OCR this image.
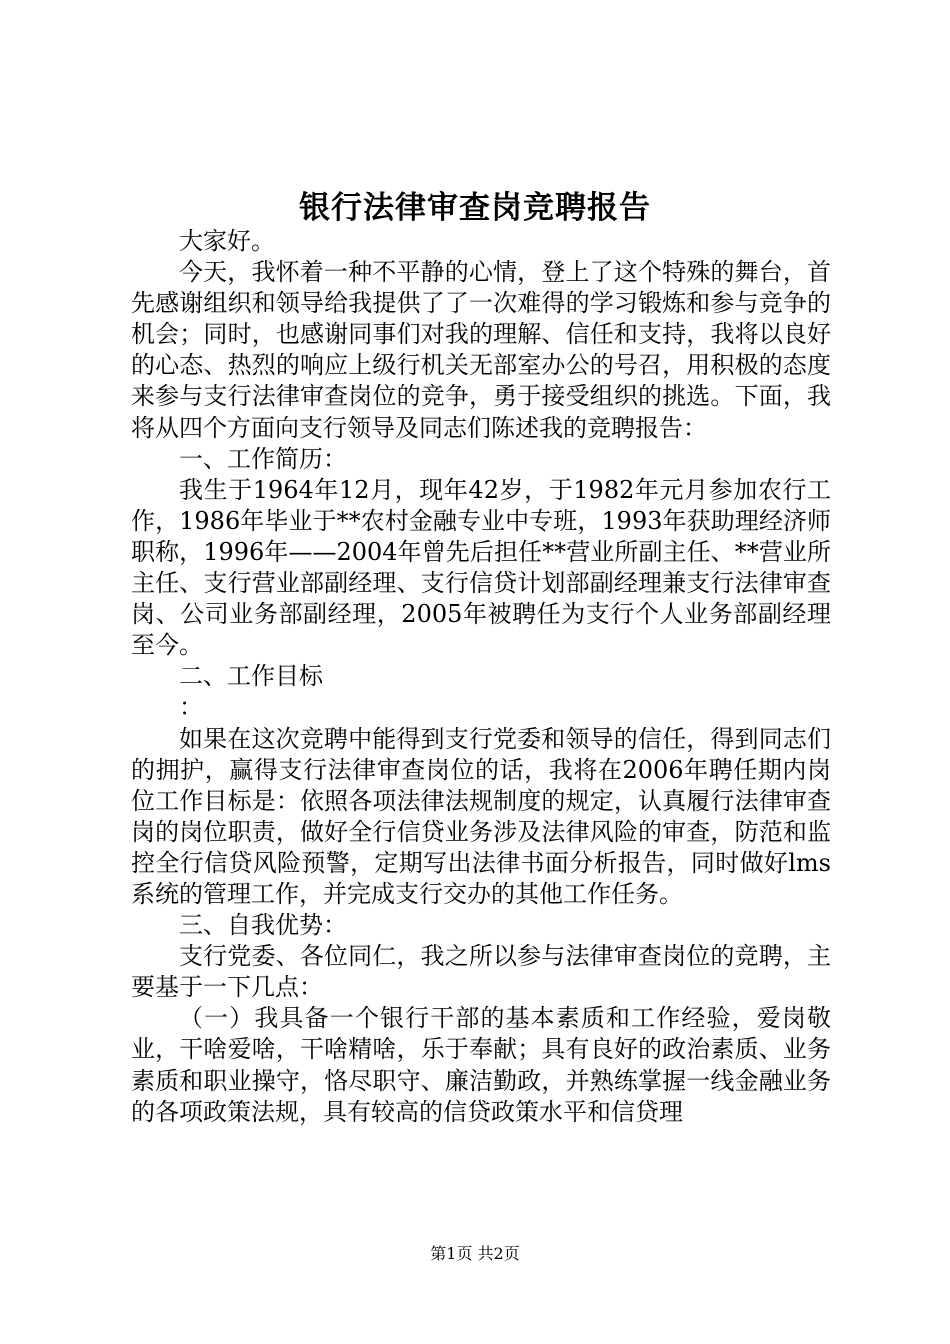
银行法律审查岗竞聘报告

大家好。

今天，我怀着一种不平静的心情，登上了这个特殊的舞台，首先感谢组织和领导给我提供了了一次难得的学习锻炼和参与竞争的机会；同时，也感谢同事们对我的理解、信任和支持，我将以良好的心态、热烈的响应上级行机关无部室办公的号召，用积极的态度来参与支行法律审查岗位的竞争，勇于接受组织的挑选。下面，我将从四个方面向支行领导及同志们陈述我的竞聘报告：

一、工作简历：

我生于1964年12月，现年42岁，于1982年元月参加农行工作，1986年毕业于**农村金融专业中专班，1993年获助理经济师职称，1996年——2004年曾先后担任**营业所副主任、**营业所主任、支行营业部副经理、支行信贷计划部副经理兼支行法律审查岗、公司业务部副经理，2005年被聘任为支行个人业务部副经理至今。

二、工作目标

：

如果在这次竞聘中能得到支行党委和领导的信任，得到同志们的拥护，赢得支行法律审查岗位的话，我将在2006年聘任期内岗位工作目标是：依照各项法律法规制度的规定，认真履行法律审查岗的岗位职责，做好全行信贷业务涉及法律风险的审查，防范和监控全行信贷风险预警，定期写出法律书面分析报告，同时做好lms系统的管理工作，并完成支行交办的其他工作任务。

三、自我优势：

支行党委、各位同仁，我之所以参与法律审查岗位的竞聘，主要基于一下几点：

（一）我具备一个银行干部的基本素质和工作经验，爱岗敬业，干啥爱啥，干啥精啥，乐于奉献；具有良好的政治素质、业务素质和职业操守，恪尽职守、廉洁勤政，并熟练掌握一线金融业务的各项政策法规，具有较高的信贷政策水平和信贷理

第1页 共2页
